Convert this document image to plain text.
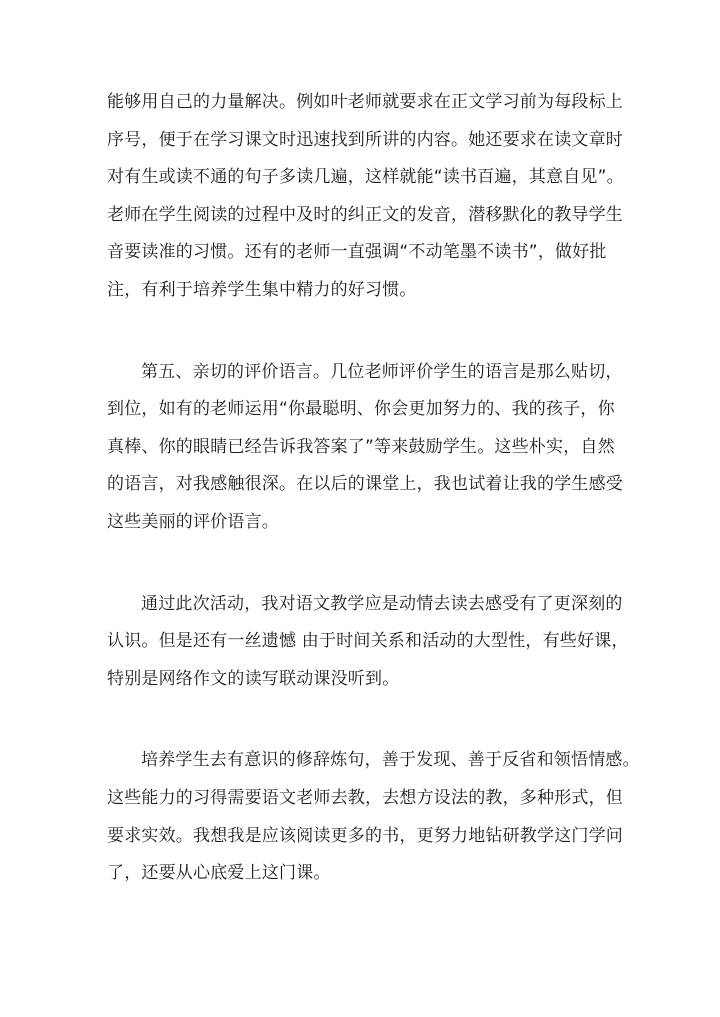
能够用自己的力量解决。例如叶老师就要求在正文学习前为每段标上
序号，便于在学习课文时迅速找到所讲的内容。她还要求在读文章时
对有生或读不通的句子多读几遍，这样就能“读书百遍，其意自见”。
老师在学生阅读的过程中及时的纠正文的发音，潜移默化的教导学生
音要读准的习惯。还有的老师一直强调“不动笔墨不读书”，做好批
注，有利于培养学生集中精力的好习惯。

第五、亲切的评价语言。几位老师评价学生的语言是那么贴切，
到位，如有的老师运用“你最聪明、你会更加努力的、我的孩子，你
真棒、你的眼睛已经告诉我答案了”等来鼓励学生。这些朴实，自然
的语言，对我感触很深。在以后的课堂上，我也试着让我的学生感受
这些美丽的评价语言。

通过此次活动，我对语文教学应是动情去读去感受有了更深刻的
认识。但是还有一丝遗憾 由于时间关系和活动的大型性，有些好课，
特别是网络作文的读写联动课没听到。

培养学生去有意识的修辞炼句，善于发现、善于反省和领悟情感。
这些能力的习得需要语文老师去教，去想方设法的教，多种形式，但
要求实效。我想我是应该阅读更多的书，更努力地钻研教学这门学问
了，还要从心底爱上这门课。
